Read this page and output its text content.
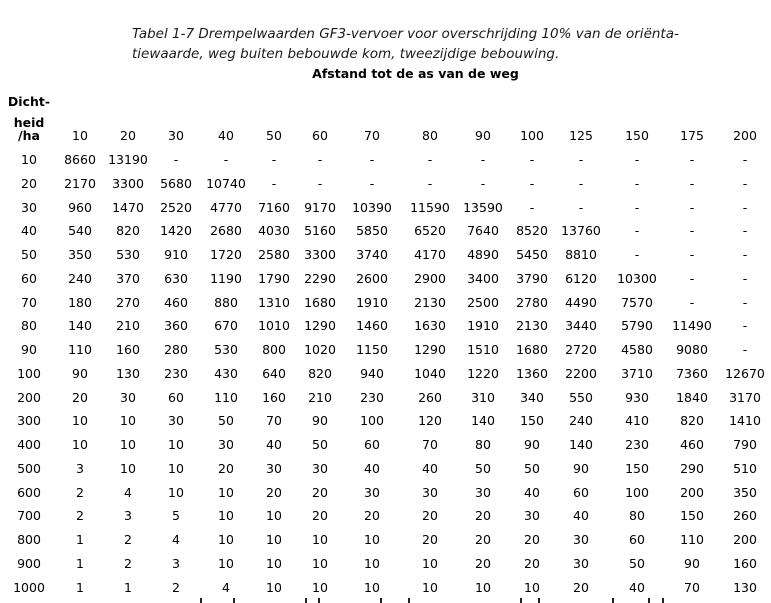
Tabel 1-7 Drempelwaarden GF3-vervoer voor overschrijding 10% van de oriënta-
tiewaarde, weg buiten bebouwde kom, tweezijdige bebouwing.
Afstand tot de as van de weg
Dicht-
heid
/ha	10	20	30	40	50	60	70	80	90	100	125	150	175	200
10	8660 13190	-	-	-	-	-	-	-	-	-	-	-	-
20	2170	3300	5680	10740	-	-	-	-	-	-	-	-	-	-
30	960	1470	2520	4770	7160	9170	10390	11590	13590	-	-	-	-	-
40	540	820	1420	2680	4030	5160	5850	6520	7640	8520	13760	-	-	-
50	350	530	910	1720	2580	3300	3740	4170	4890	5450	8810	-	-	-
60	240	370	630	1190	1790	2290	2600	2900	3400	3790	6120	10300	-	-
70	180	270	460	880	1310	1680	1910	2130	2500	2780	4490	7570	-	-
80	140	210	360	670	1010	1290	1460	1630	1910	2130	3440	5790	11490	-
90	110	160	280	530	800	1020	1150	1290	1510	1680	2720	4580	9080	-
100	90	130	230	430	640	820	940	1040	1220	1360	2200	3710	7360	12670
200	20	30	60	110	160	210	230	260	310	340	550	930	1840	3170
300	10	10	30	50	70	90	100	120	140	150	240	410	820	1410
400	10	10	10	30	40	50	60	70	80	90	140	230	460	790
500	3	10	10	20	30	30	40	40	50	50	90	150	290	510
600	2	4	10	10	20	20	30	30	30	40	60	100	200	350
700	2	3	5	10	10	20	20	20	20	30	40	80	150	260
800	1	2	4	10	10	10	10	20	20	20	30	60	110	200
900	1	2	3	10	10	10	10	10	20	20	30	50	90	160
1000	1	1	2	4	10	10	10	10	10	10	20	40	70	130
